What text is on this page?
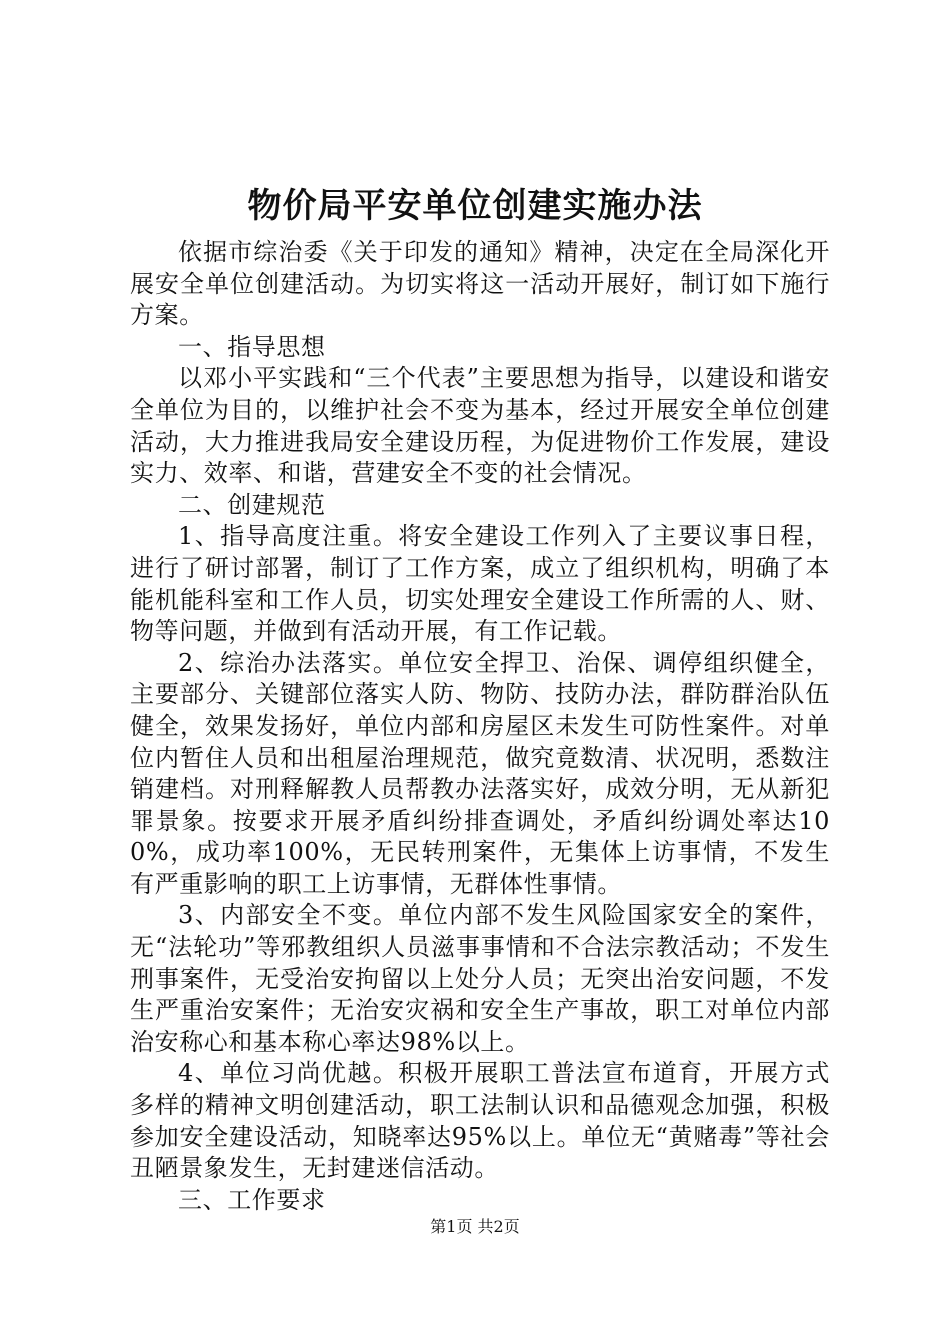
物价局平安单位创建实施办法

依据市综治委《关于印发的通知》精神，决定在全局深化开展安全单位创建活动。为切实将这一活动开展好，制订如下施行方案。

一、指导思想

以邓小平实践和“三个代表”主要思想为指导，以建设和谐安全单位为目的，以维护社会不变为基本，经过开展安全单位创建活动，大力推进我局安全建设历程，为促进物价工作发展，建设实力、效率、和谐，营建安全不变的社会情况。

二、创建规范

1、指导高度注重。将安全建设工作列入了主要议事日程，进行了研讨部署，制订了工作方案，成立了组织机构，明确了本能机能科室和工作人员，切实处理安全建设工作所需的人、财、物等问题，并做到有活动开展，有工作记载。

2、综治办法落实。单位安全捍卫、治保、调停组织健全，主要部分、关键部位落实人防、物防、技防办法，群防群治队伍健全，效果发扬好，单位内部和房屋区未发生可防性案件。对单位内暂住人员和出租屋治理规范，做究竟数清、状况明，悉数注销建档。对刑释解教人员帮教办法落实好，成效分明，无从新犯罪景象。按要求开展矛盾纠纷排查调处，矛盾纠纷调处率达100%，成功率100%，无民转刑案件，无集体上访事情，不发生有严重影响的职工上访事情，无群体性事情。

3、内部安全不变。单位内部不发生风险国家安全的案件，无“法轮功”等邪教组织人员滋事事情和不合法宗教活动；不发生刑事案件，无受治安拘留以上处分人员；无突出治安问题，不发生严重治安案件；无治安灾祸和安全生产事故，职工对单位内部治安称心和基本称心率达98%以上。

4、单位习尚优越。积极开展职工普法宣布道育，开展方式多样的精神文明创建活动，职工法制认识和品德观念加强，积极参加安全建设活动，知晓率达95%以上。单位无“黄赌毒”等社会丑陋景象发生，无封建迷信活动。

三、工作要求

第1页 共2页
